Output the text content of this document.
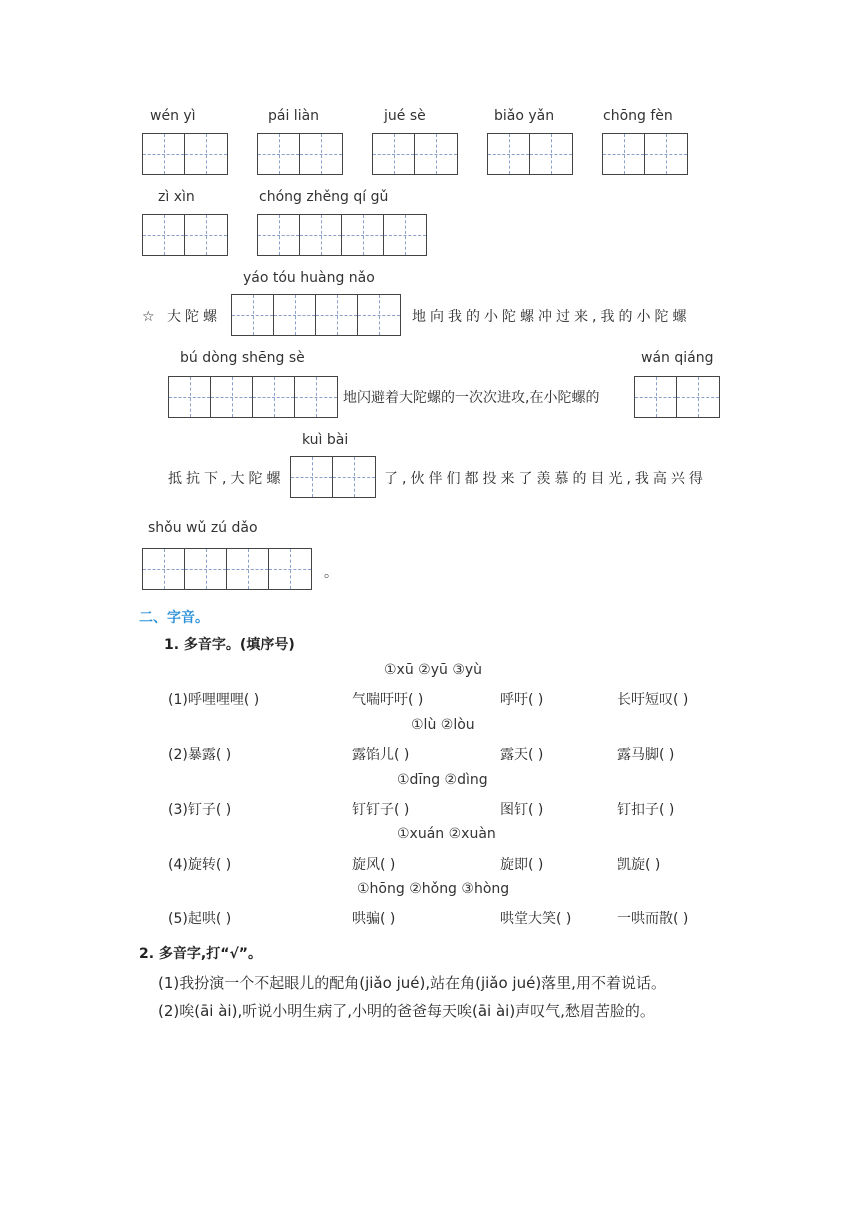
wén yì	pái liàn	jué sè	biǎo yǎn	chōng fèn
zì xìn	chóng zhěng qí gǔ
yáo tóu huàng nǎo
☆ 大陀螺	地向我的小陀螺冲过来,我的小陀螺
bú dòng shēng sè	wán qiáng
地闪避着大陀螺的一次次进攻,在小陀螺的
kuì bài
抵抗下,大陀螺	了,伙伴们都投来了羡慕的目光,我高兴得
shǒu wǔ zú dǎo
。
二、字音。
1. 多音字。(填序号)
①xū ②yū ③yù
(1)呼哩哩哩( )	气喘吁吁( )	呼吁( )	长吁短叹( )
①lù ②lòu
(2)暴露( )	露馅儿( )	露天( )	露马脚( )
①dīng ②dìng
(3)钉子( )	钉钉子( )	图钉( )	钉扣子( )
①xuán ②xuàn
(4)旋转( )	旋风( )	旋即( )	凯旋( )
①hōng ②hǒng ③hòng
(5)起哄( )	哄骗( )	哄堂大笑( )	一哄而散( )
2. 多音字,打“√”。
(1)我扮演一个不起眼儿的配角(jiǎo jué),站在角(jiǎo jué)落里,用不着说话。
(2)唉(āi ài),听说小明生病了,小明的爸爸每天唉(āi ài)声叹气,愁眉苦脸的。
